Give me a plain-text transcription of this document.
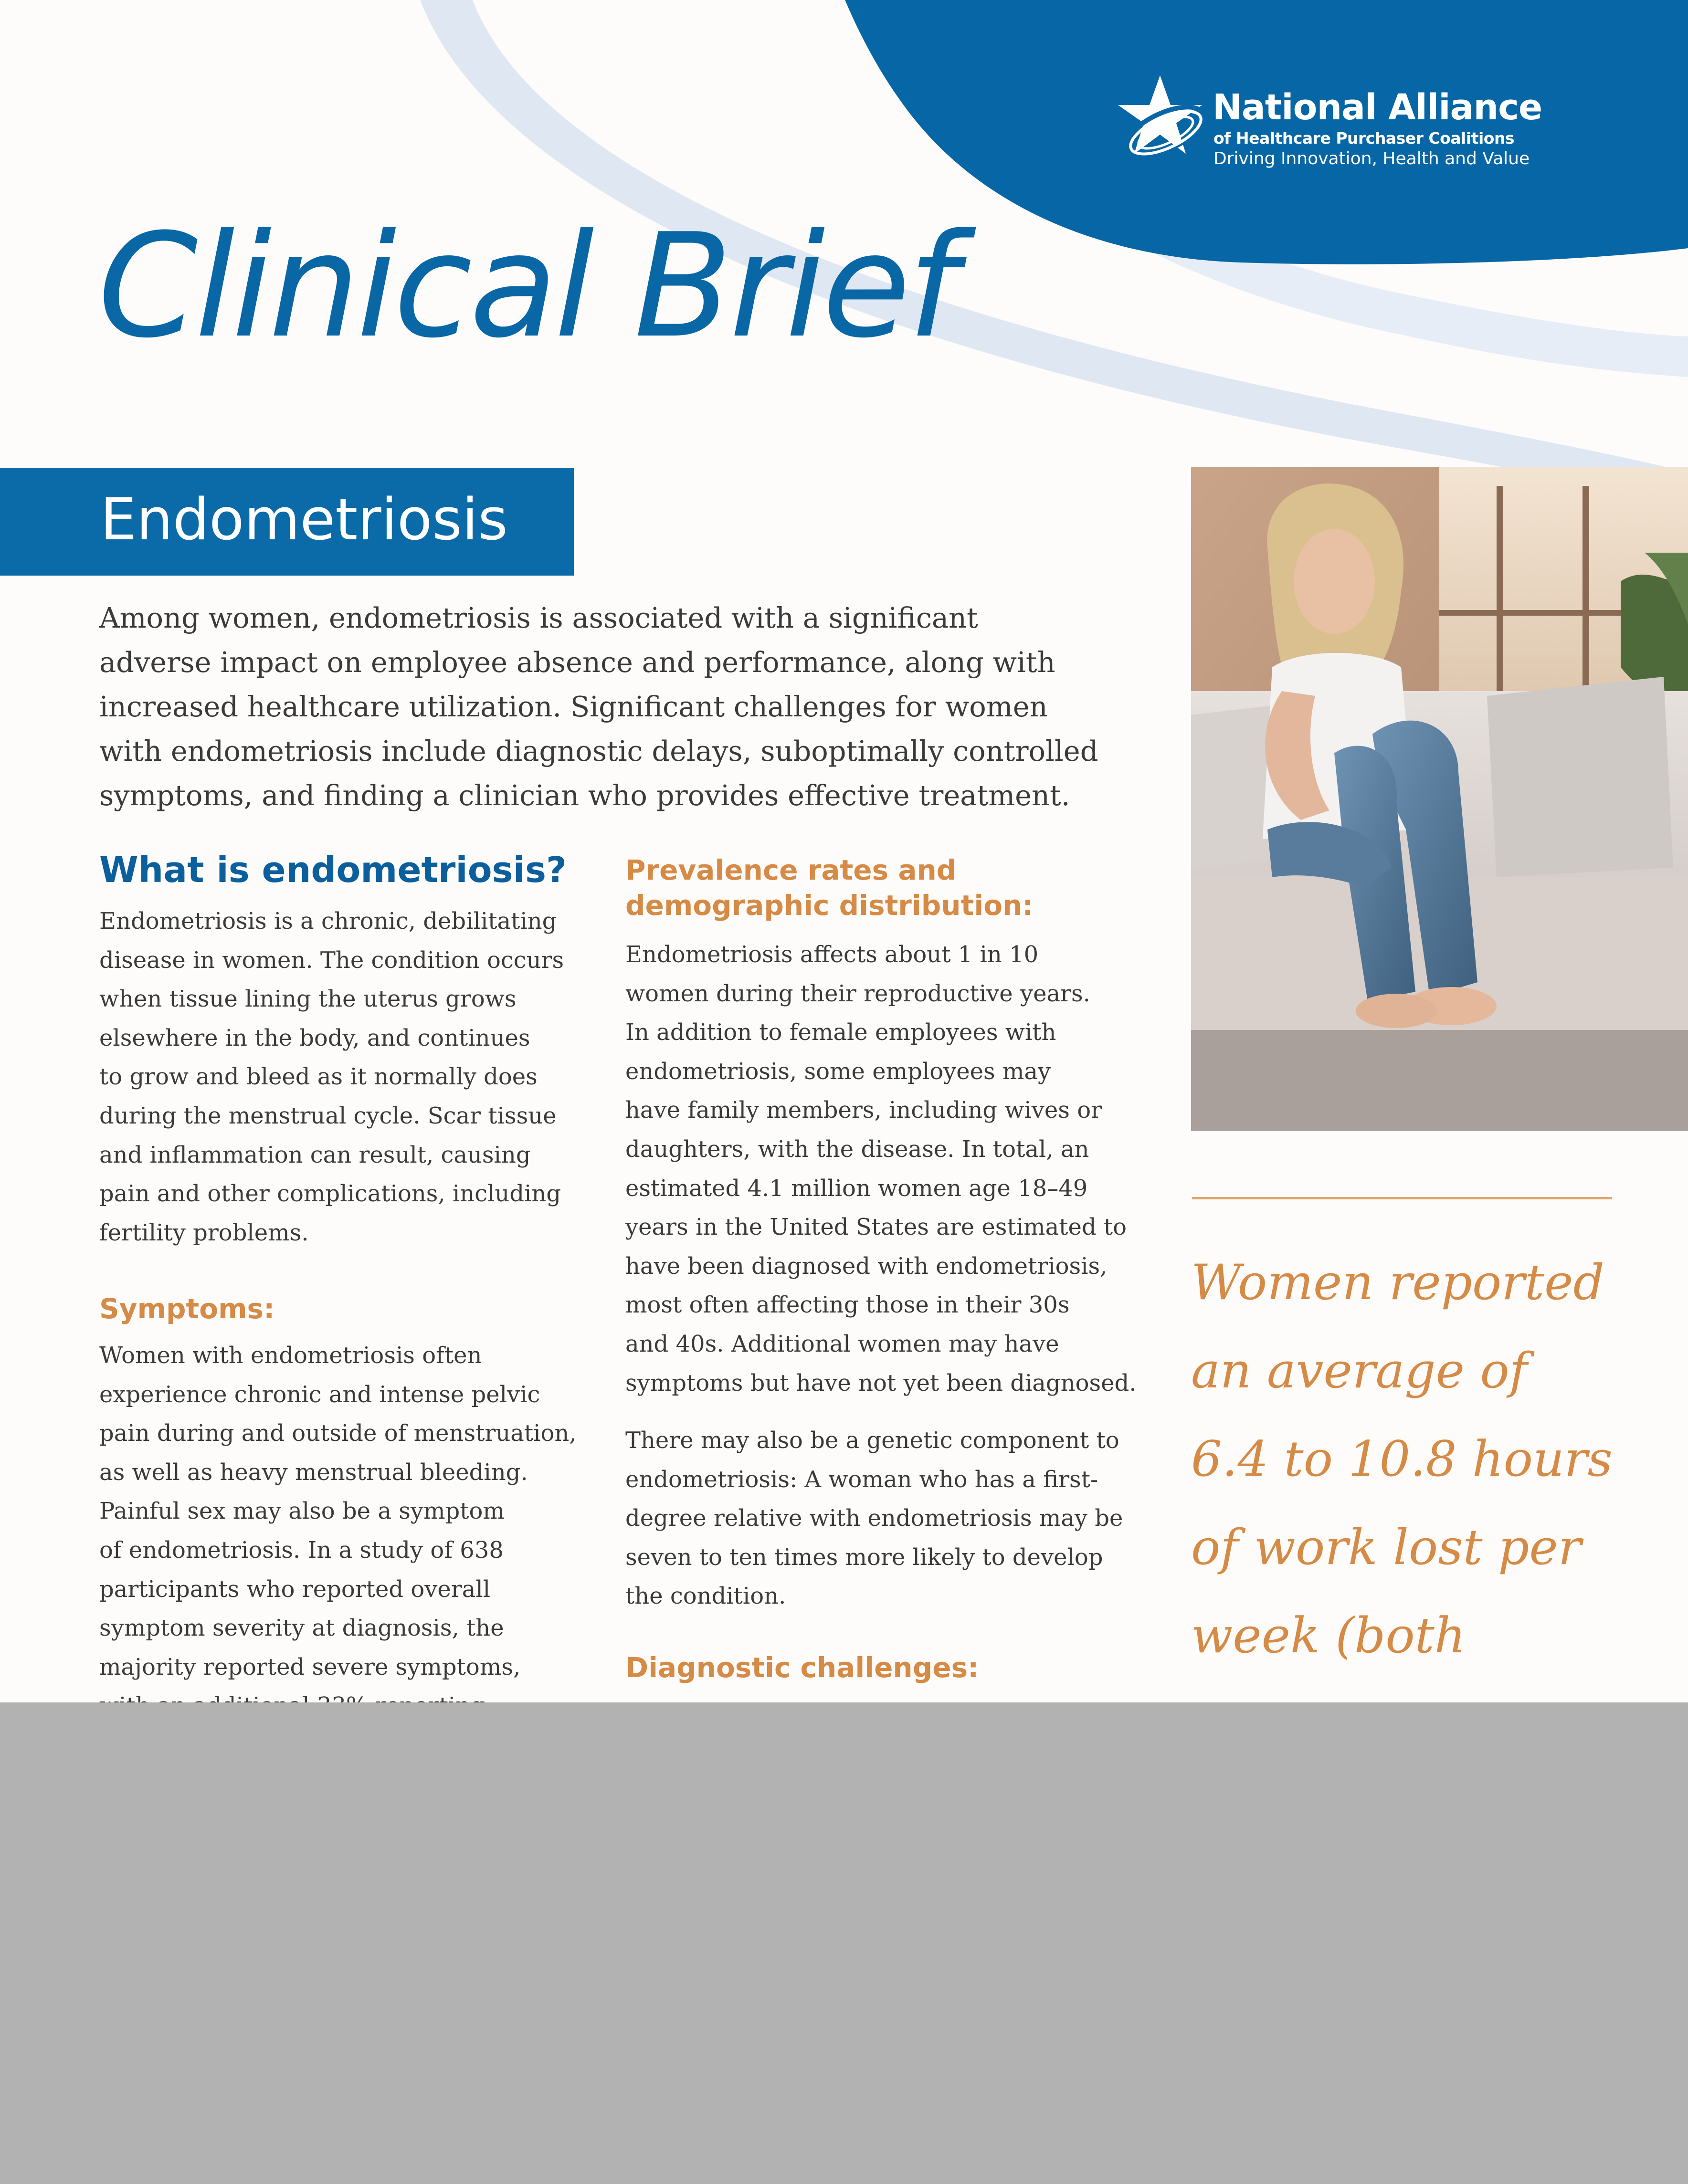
National Alliance
of Healthcare Purchaser Coalitions
Driving Innovation, Health and Value
Clinical Brief
Endometriosis

Among women, endometriosis is associated with a significant
adverse impact on employee absence and performance, along with
increased healthcare utilization. Significant challenges for women
with endometriosis include diagnostic delays, suboptimally controlled
symptoms, and finding a clinician who provides effective treatment.

What is endometriosis?

Endometriosis is a chronic, debilitating
disease in women. The condition occurs
when tissue lining the uterus grows
elsewhere in the body, and continues
to grow and bleed as it normally does
during the menstrual cycle. Scar tissue
and inflammation can result, causing
pain and other complications, including
fertility problems.

Symptoms:

Women with endometriosis often
experience chronic and intense pelvic
pain during and outside of menstruation,
as well as heavy menstrual bleeding.
Painful sex may also be a symptom
of endometriosis. In a study of 638
participants who reported overall
symptom severity at diagnosis, the
majority reported severe symptoms,

Prevalence rates and
demographic distribution:

Endometriosis affects about 1 in 10
women during their reproductive years.
In addition to female employees with
endometriosis, some employees may
have family members, including wives or
daughters, with the disease. In total, an
estimated 4.1 million women age 18–49
years in the United States are estimated to
have been diagnosed with endometriosis,
most often affecting those in their 30s
and 40s. Additional women may have
symptoms but have not yet been diagnosed.

There may also be a genetic component to
endometriosis: A woman who has a first-
degree relative with endometriosis may be
seven to ten times more likely to develop
the condition.

Diagnostic challenges:

Women reported
an average of
6.4 to 10.8 hours
of work lost per
week (both
